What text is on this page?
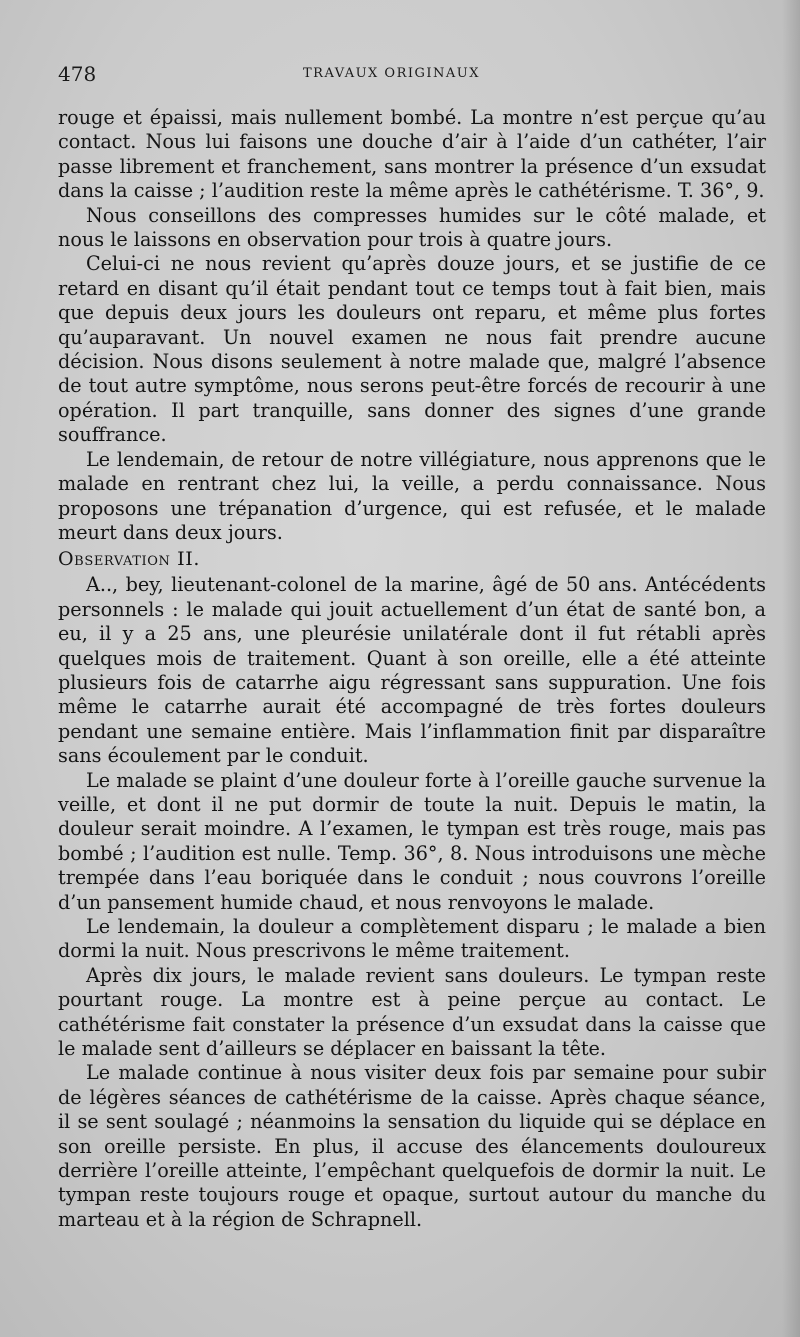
478	TRAVAUX ORIGINAUX

rouge et épaissi, mais nullement bombé. La montre n’est perçue qu’au contact. Nous lui faisons une douche d’air à l’aide d’un cathéter, l’air passe librement et franchement, sans montrer la présence d’un exsudat dans la caisse ; l’audition reste la même après le cathétérisme. T. 36°, 9.

Nous conseillons des compresses humides sur le côté malade, et nous le laissons en observation pour trois à quatre jours.

Celui-ci ne nous revient qu’après douze jours, et se justifie de ce retard en disant qu’il était pendant tout ce temps tout à fait bien, mais que depuis deux jours les douleurs ont reparu, et même plus fortes qu’auparavant. Un nouvel examen ne nous fait prendre aucune décision. Nous disons seulement à notre malade que, malgré l’absence de tout autre symptôme, nous serons peut-être forcés de recourir à une opération. Il part tranquille, sans donner des signes d’une grande souffrance.

Le lendemain, de retour de notre villégiature, nous apprenons que le malade en rentrant chez lui, la veille, a perdu connaissance. Nous proposons une trépanation d’urgence, qui est refusée, et le malade meurt dans deux jours.

Observation II.

A.., bey, lieutenant-colonel de la marine, âgé de 50 ans. Antécédents personnels : le malade qui jouit actuellement d’un état de santé bon, a eu, il y a 25 ans, une pleurésie unilatérale dont il fut rétabli après quelques mois de traitement. Quant à son oreille, elle a été atteinte plusieurs fois de catarrhe aigu régressant sans suppuration. Une fois même le catarrhe aurait été accompagné de très fortes douleurs pendant une semaine entière. Mais l’inflammation finit par disparaître sans écoulement par le conduit.

Le malade se plaint d’une douleur forte à l’oreille gauche survenue la veille, et dont il ne put dormir de toute la nuit. Depuis le matin, la douleur serait moindre. A l’examen, le tympan est très rouge, mais pas bombé ; l’audition est nulle. Temp. 36°, 8. Nous introduisons une mèche trempée dans l’eau boriquée dans le conduit ; nous couvrons l’oreille d’un pansement humide chaud, et nous renvoyons le malade.

Le lendemain, la douleur a complètement disparu ; le malade a bien dormi la nuit. Nous prescrivons le même traitement.

Après dix jours, le malade revient sans douleurs. Le tympan reste pourtant rouge. La montre est à peine perçue au contact. Le cathétérisme fait constater la présence d’un exsudat dans la caisse que le malade sent d’ailleurs se déplacer en baissant la tête.

Le malade continue à nous visiter deux fois par semaine pour subir de légères séances de cathétérisme de la caisse. Après chaque séance, il se sent soulagé ; néanmoins la sensation du liquide qui se déplace en son oreille persiste. En plus, il accuse des élancements douloureux derrière l’oreille atteinte, l’empêchant quelquefois de dormir la nuit. Le tympan reste toujours rouge et opaque, surtout autour du manche du marteau et à la région de Schrapnell.
